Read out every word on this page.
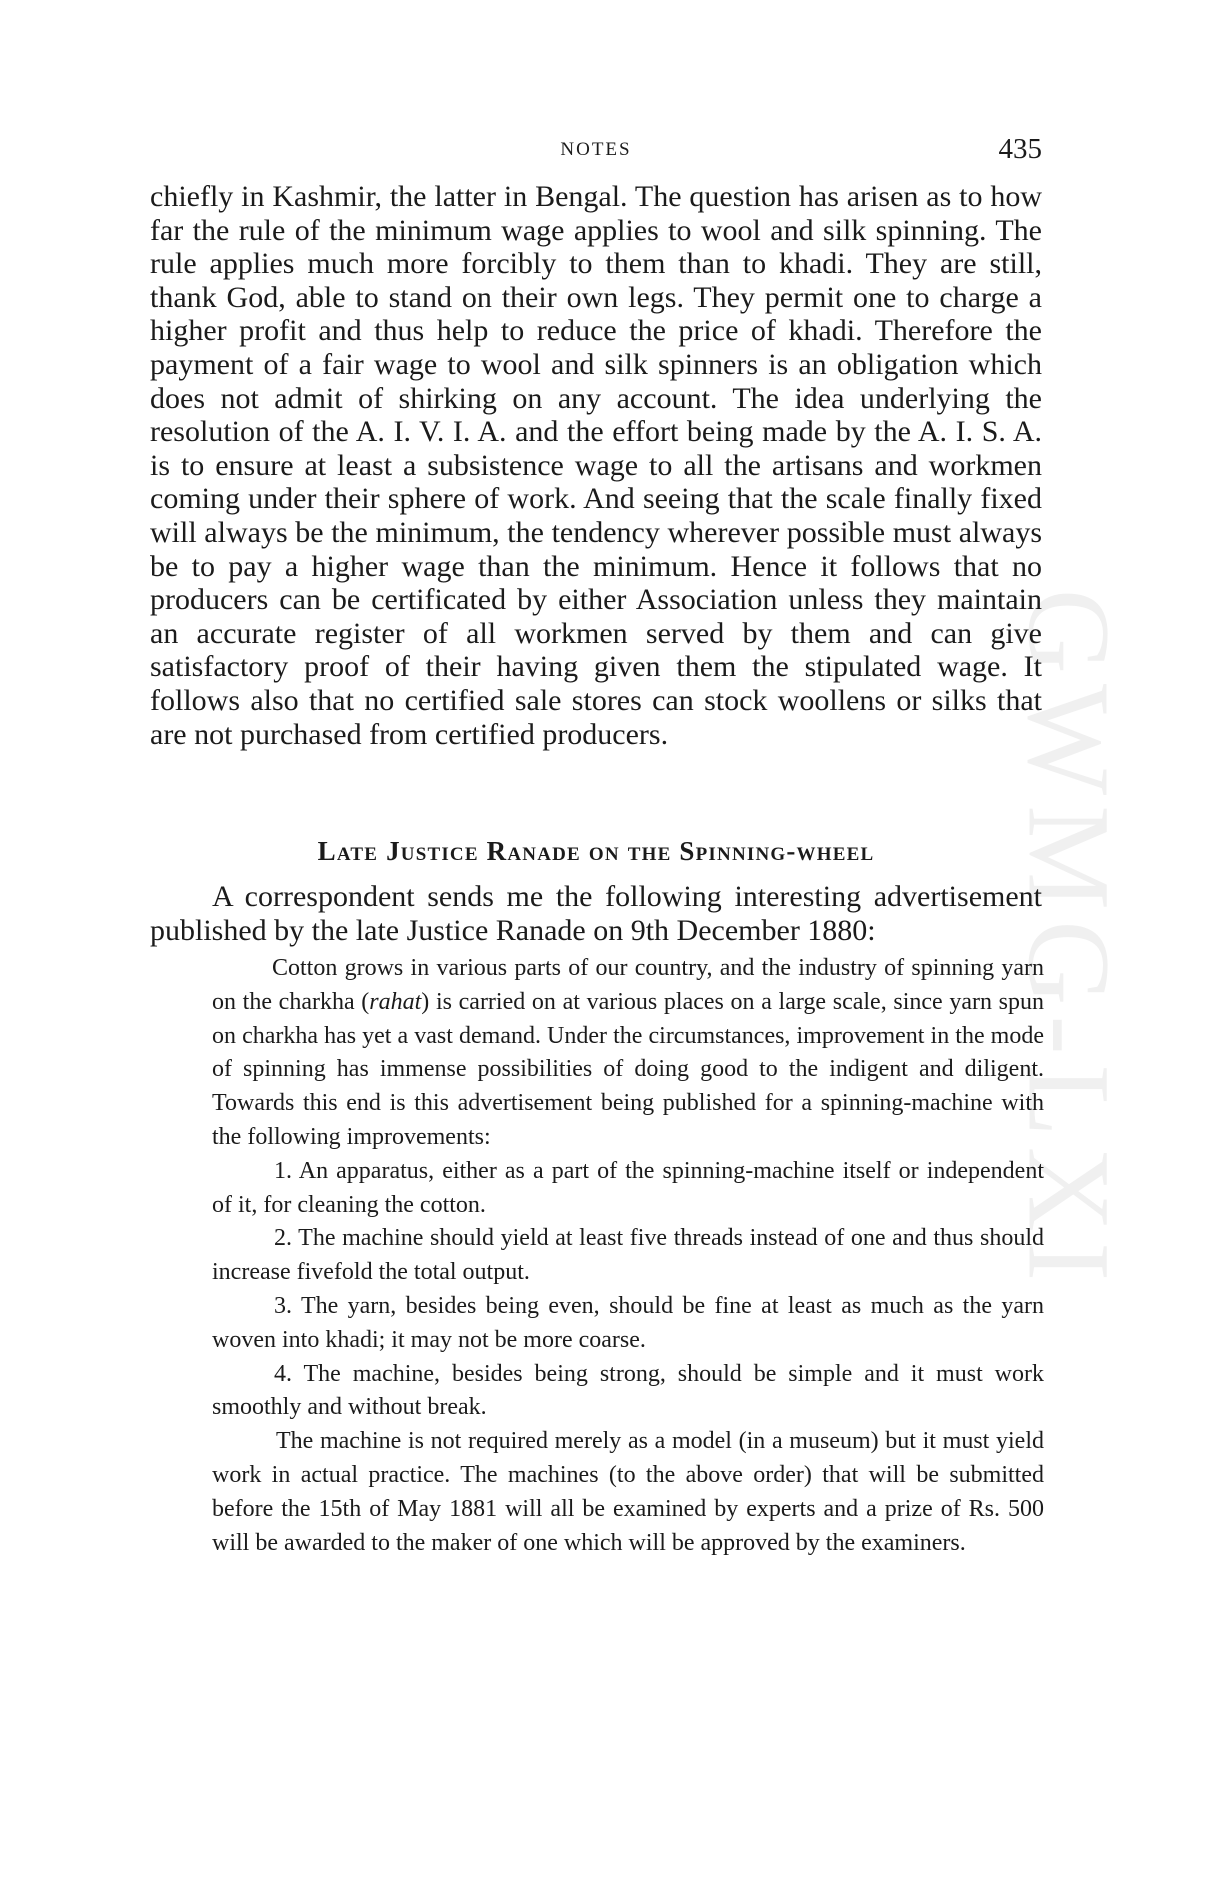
GWMG-LXI
NOTES	435

chiefly in Kashmir, the latter in Bengal. The question has arisen as to how far the rule of the minimum wage applies to wool and silk spinning. The rule applies much more forcibly to them than to khadi. They are still, thank God, able to stand on their own legs. They permit one to charge a higher profit and thus help to reduce the price of khadi. Therefore the payment of a fair wage to wool and silk spinners is an obligation which does not admit of shirking on any account. The idea underlying the resolution of the A. I. V. I. A. and the effort being made by the A. I. S. A. is to ensure at least a subsistence wage to all the artisans and workmen coming under their sphere of work. And seeing that the scale finally fixed will always be the minimum, the tendency wherever possible must always be to pay a higher wage than the minimum. Hence it follows that no producers can be certificated by either Association unless they maintain an accurate register of all workmen served by them and can give satisfactory proof of their having given them the stipulated wage. It follows also that no certified sale stores can stock woollens or silks that are not purchased from certified producers.

Late Justice Ranade on the Spinning-wheel

A correspondent sends me the following interesting advertisement published by the late Justice Ranade on 9th December 1880:

Cotton grows in various parts of our country, and the industry of spinning yarn on the charkha (rahat) is carried on at various places on a large scale, since yarn spun on charkha has yet a vast demand. Under the circumstances, improvement in the mode of spinning has immense possibilities of doing good to the indigent and diligent. Towards this end is this advertisement being published for a spinning-machine with the following improvements:

1. An apparatus, either as a part of the spinning-machine itself or independent of it, for cleaning the cotton.

2. The machine should yield at least five threads instead of one and thus should increase fivefold the total output.

3. The yarn, besides being even, should be fine at least as much as the yarn woven into khadi; it may not be more coarse.

4. The machine, besides being strong, should be simple and it must work smoothly and without break.

The machine is not required merely as a model (in a museum) but it must yield work in actual practice. The machines (to the above order) that will be submitted before the 15th of May 1881 will all be examined by experts and a prize of Rs. 500 will be awarded to the maker of one which will be approved by the examiners.
